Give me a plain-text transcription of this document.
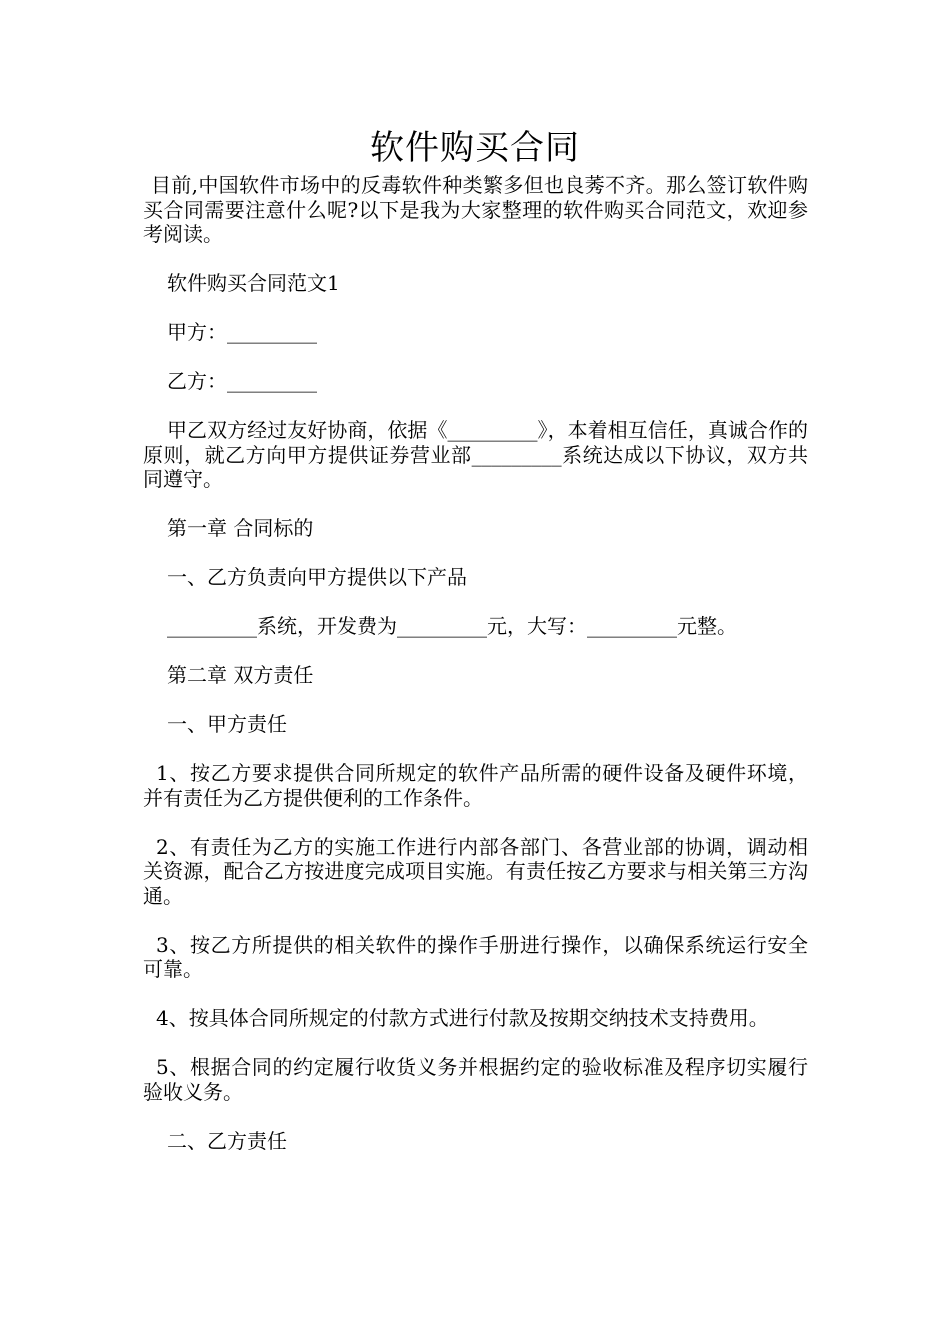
软件购买合同

目前,中国软件市场中的反毒软件种类繁多但也良莠不齐。那么签订软件购买合同需要注意什么呢?以下是我为大家整理的软件购买合同范文，欢迎参考阅读。

软件购买合同范文1

甲方：_________

乙方：_________

甲乙双方经过友好协商，依据《_________》，本着相互信任，真诚合作的原则，就乙方向甲方提供证券营业部_________系统达成以下协议，双方共同遵守。

第一章 合同标的

一、乙方负责向甲方提供以下产品

_________系统，开发费为_________元，大写：_________元整。

第二章 双方责任

一、甲方责任

1、按乙方要求提供合同所规定的软件产品所需的硬件设备及硬件环境，并有责任为乙方提供便利的工作条件。

2、有责任为乙方的实施工作进行内部各部门、各营业部的协调，调动相关资源，配合乙方按进度完成项目实施。有责任按乙方要求与相关第三方沟通。

3、按乙方所提供的相关软件的操作手册进行操作，以确保系统运行安全可靠。

4、按具体合同所规定的付款方式进行付款及按期交纳技术支持费用。

5、根据合同的约定履行收货义务并根据约定的验收标准及程序切实履行验收义务。

二、乙方责任
